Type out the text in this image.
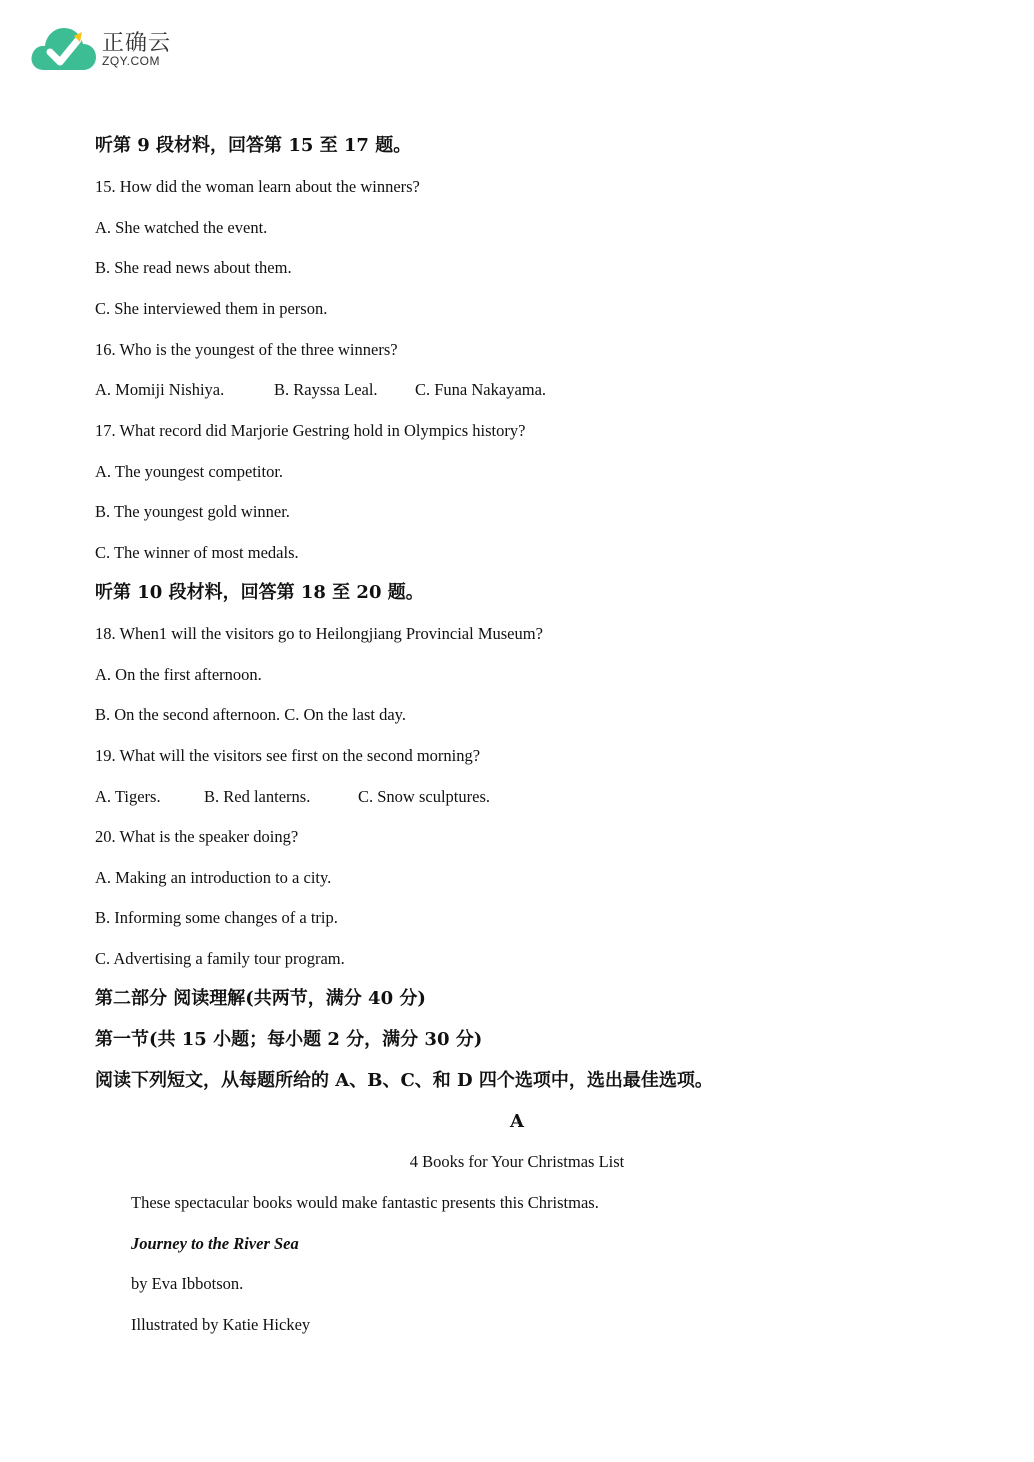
正确云
ZQY.COM
听第 9 段材料，回答第 15 至 17 题。
15. How did the woman learn about the winners?
A. She watched the event.
B. She read news about them.
C. She interviewed them in person.
16. Who is the youngest of the three winners?
A. Momiji Nishiya.	B. Rayssa Leal. C. Funa Nakayama.
17. What record did Marjorie Gestring hold in Olympics history?
A. The youngest competitor.
B. The youngest gold winner.
C. The winner of most medals.
听第 10 段材料，回答第 18 至 20 题。
18. When1 will the visitors go to Heilongjiang Provincial Museum?
A. On the first afternoon.
B. On the second afternoon. C. On the last day.
19. What will the visitors see first on the second morning?
A. Tigers.	B. Red lanterns.	C. Snow sculptures.
20. What is the speaker doing?
A. Making an introduction to a city.
B. Informing some changes of a trip.
C. Advertising a family tour program.
第二部分 阅读理解(共两节，满分 40 分)
第一节(共 15 小题；每小题 2 分，满分 30 分)
阅读下列短文，从每题所给的 A、B、C、和 D 四个选项中，选出最佳选项。
A
4 Books for Your Christmas List
These spectacular books would make fantastic presents this Christmas.
Journey to the River Sea
by Eva Ibbotson.
Illustrated by Katie Hickey
